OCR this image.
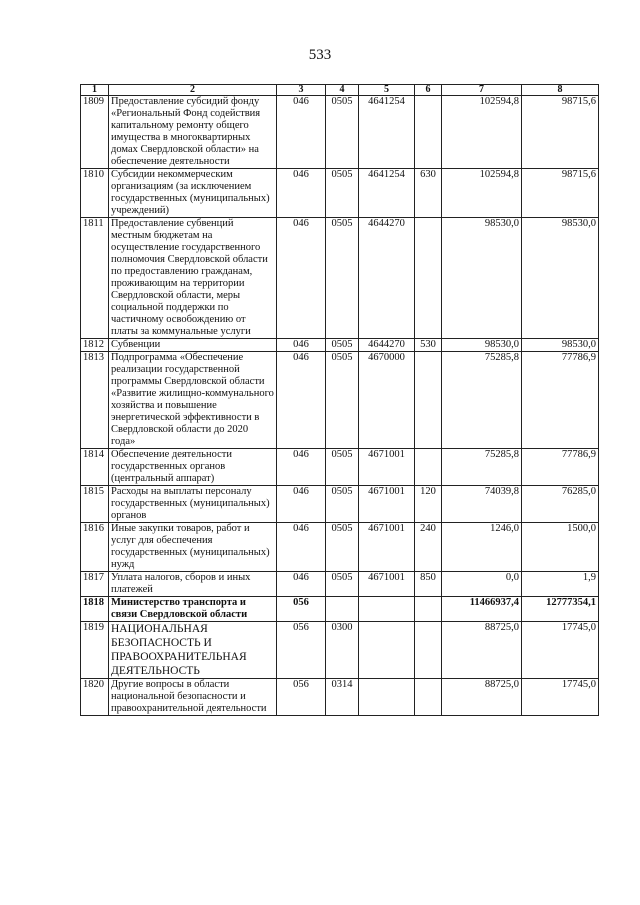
533
1	2	3	4	5	6	7	8
1809	Предоставление субсидий фонду «Региональный Фонд содействия капитальному ремонту общего имущества в многоквартирных домах Свердловской области» на обеспечение деятельности	046	0505	4641254		102594,8	98715,6
1810	Субсидии некоммерческим организациям (за исключением государственных (муниципальных) учреждений)	046	0505	4641254	630	102594,8	98715,6
1811	Предоставление субвенций местным бюджетам на осуществление государственного полномочия Свердловской области по предоставлению гражданам, проживающим на территории Свердловской области, меры социальной поддержки по частичному освобождению от платы за коммунальные услуги	046	0505	4644270		98530,0	98530,0
1812	Субвенции	046	0505	4644270	530	98530,0	98530,0
1813	Подпрограмма «Обеспечение реализации государственной программы Свердловской области «Развитие жилищно-коммунального хозяйства и повышение энергетической эффективности в Свердловской области до 2020 года»	046	0505	4670000		75285,8	77786,9
1814	Обеспечение деятельности государственных органов (центральный аппарат)	046	0505	4671001		75285,8	77786,9
1815	Расходы на выплаты персоналу государственных (муниципальных) органов	046	0505	4671001	120	74039,8	76285,0
1816	Иные закупки товаров, работ и услуг для обеспечения государственных (муниципальных) нужд	046	0505	4671001	240	1246,0	1500,0
1817	Уплата налогов, сборов и иных платежей	046	0505	4671001	850	0,0	1,9
1818	Министерство транспорта и связи Свердловской области	056				11466937,4	12777354,1
1819	НАЦИОНАЛЬНАЯ БЕЗОПАСНОСТЬ И ПРАВООХРАНИТЕЛЬНАЯ ДЕЯТЕЛЬНОСТЬ	056	0300			88725,0	17745,0
1820	Другие вопросы в области национальной безопасности и правоохранительной деятельности	056	0314			88725,0	17745,0
